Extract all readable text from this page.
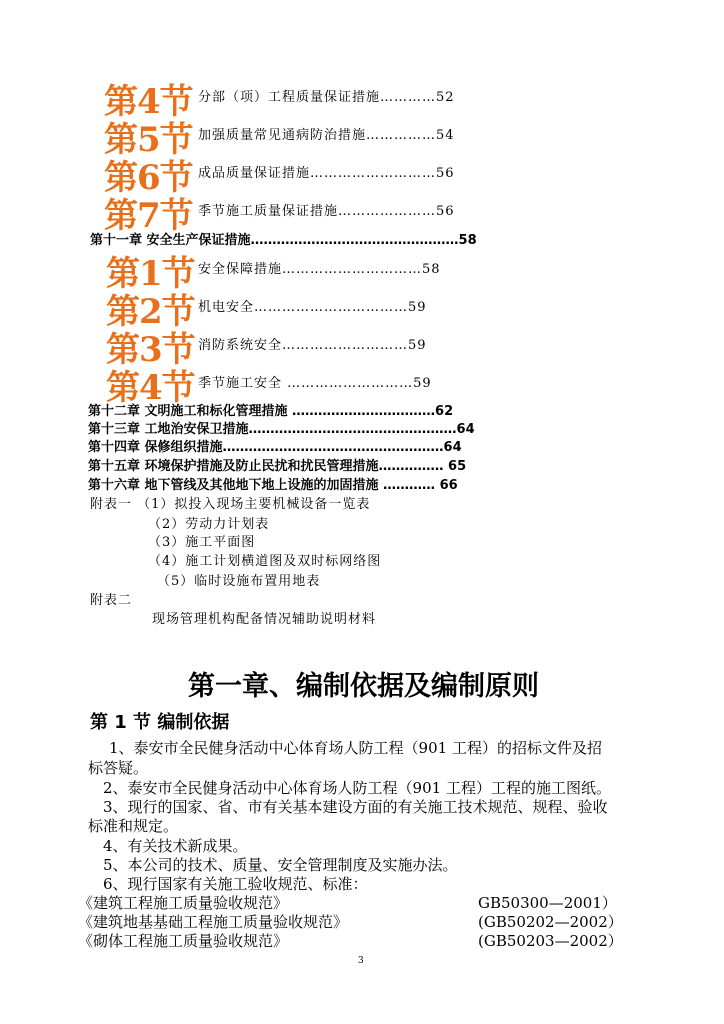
第4节 分部（项）工程质量保证措施…………52
第5节 加强质量常见通病防治措施……………54
第6节 成品质量保证措施………………………56
第7节 季节施工质量保证措施…………………56
第十一章 安全生产保证措施…………………………………………58
第1节 安全保障措施…………………………58
第2节 机电安全……………………………59
第3节 消防系统安全………………………59
第4节 季节施工安全 ………………………59
第十二章 文明施工和标化管理措施 ……………………………62
第十三章 工地治安保卫措施…………………………………………64
第十四章 保修组织措施……………………………………………64
第十五章 环境保护措施及防止民扰和扰民管理措施…………… 65
第十六章 地下管线及其他地下地上设施的加固措施 ………… 66
附表一 （1）拟投入现场主要机械设备一览表
（2）劳动力计划表
（3）施工平面图
（4）施工计划横道图及双时标网络图
（5）临时设施布置用地表
附表二
现场管理机构配备情况辅助说明材料
第一章、编制依据及编制原则
第 1 节 编制依据
1、泰安市全民健身活动中心体育场人防工程（901 工程）的招标文件及招
标答疑。
2、泰安市全民健身活动中心体育场人防工程（901 工程）工程的施工图纸。
3、现行的国家、省、市有关基本建设方面的有关施工技术规范、规程、验收
标准和规定。
4、有关技术新成果。
5、本公司的技术、质量、安全管理制度及实施办法。
6、现行国家有关施工验收规范、标准：
《建筑工程施工质量验收规范》	GB50300—2001）
《建筑地基基础工程施工质量验收规范》	(GB50202—2002）
《砌体工程施工质量验收规范》	(GB50203—2002）
3
